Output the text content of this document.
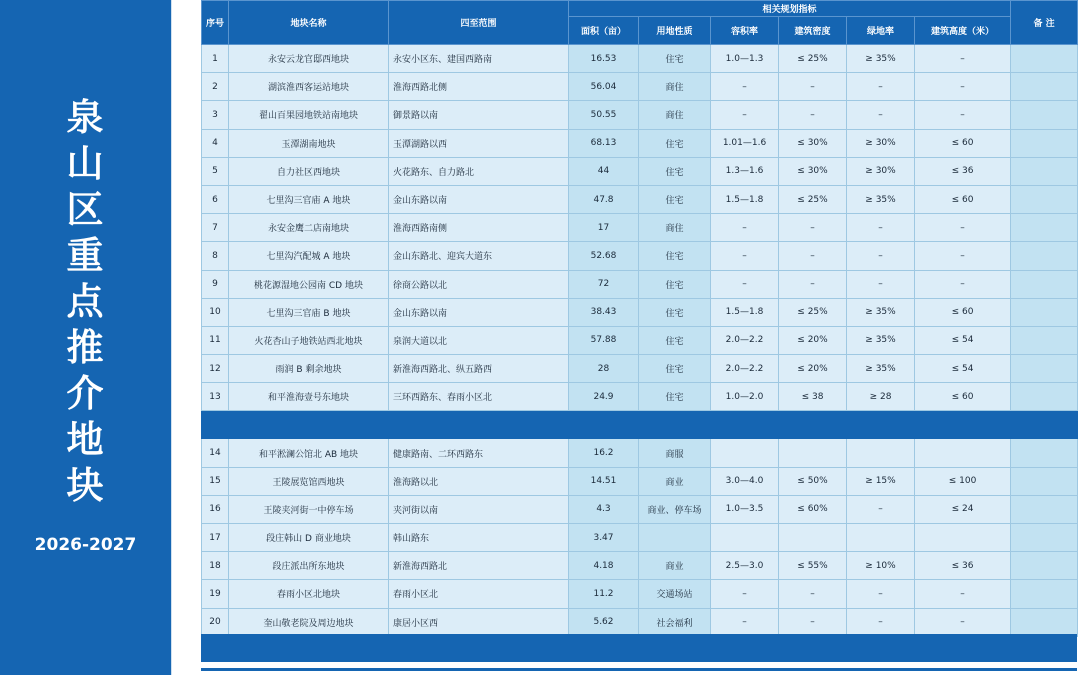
泉
山
区
重
点
推
介
地
块
2026-2027
序号	地块名称	四至范围	相关规划指标						备 注
			面积（亩）	用地性质	容积率	建筑密度	绿地率	建筑高度（米）	
1	永安云龙官邸西地块	永安小区东、建国西路南	16.53	住宅	1.0—1.3	≤ 25%	≥ 35%	–	
2	湖滨淮西客运站地块	淮海西路北侧	56.04	商住	–	–	–	–	
3	翟山百果园地铁站南地块	御景路以南	50.55	商住	–	–	–	–	
4	玉潭湖南地块	玉潭湖路以西	68.13	住宅	1.01—1.6	≤ 30%	≥ 30%	≤ 60	
5	自力社区西地块	火花路东、自力路北	44	住宅	1.3—1.6	≤ 30%	≥ 30%	≤ 36	
6	七里沟三官庙 A 地块	金山东路以南	47.8	住宅	1.5—1.8	≤ 25%	≥ 35%	≤ 60	
7	永安金鹰二店南地块	淮海西路南侧	17	商住	–	–	–	–	
8	七里沟汽配城 A 地块	金山东路北、迎宾大道东	52.68	住宅	–	–	–	–	
9	桃花源湿地公园南 CD 地块	徐商公路以北	72	住宅	–	–	–	–	
10	七里沟三官庙 B 地块	金山东路以南	38.43	住宅	1.5—1.8	≤ 25%	≥ 35%	≤ 60	
11	火花杏山子地铁站西北地块	泉润大道以北	57.88	住宅	2.0—2.2	≤ 20%	≥ 35%	≤ 54	
12	雨润 B 剩余地块	新淮海西路北、纵五路西	28	住宅	2.0—2.2	≤ 20%	≥ 35%	≤ 54	
13	和平淮海壹号东地块	三环西路东、春雨小区北	24.9	住宅	1.0—2.0	≤ 38	≥ 28	≤ 60	

14	和平淞澜公馆北 AB 地块	健康路南、二环西路东	16.2	商服					
15	王陵展览馆西地块	淮海路以北	14.51	商业	3.0—4.0	≤ 50%	≥ 15%	≤ 100	
16	王陵夹河街一中停车场	夹河街以南	4.3	商业、停车场	1.0—3.5	≤ 60%	–	≤ 24	
17	段庄韩山 D 商业地块	韩山路东	3.47						
18	段庄派出所东地块	新淮海西路北	4.18	商业	2.5—3.0	≤ 55%	≥ 10%	≤ 36	
19	春雨小区北地块	春雨小区北	11.2	交通场站	–	–	–	–	
20	奎山敬老院及周边地块	康居小区西	5.62	社会福利	–	–	–	–	
